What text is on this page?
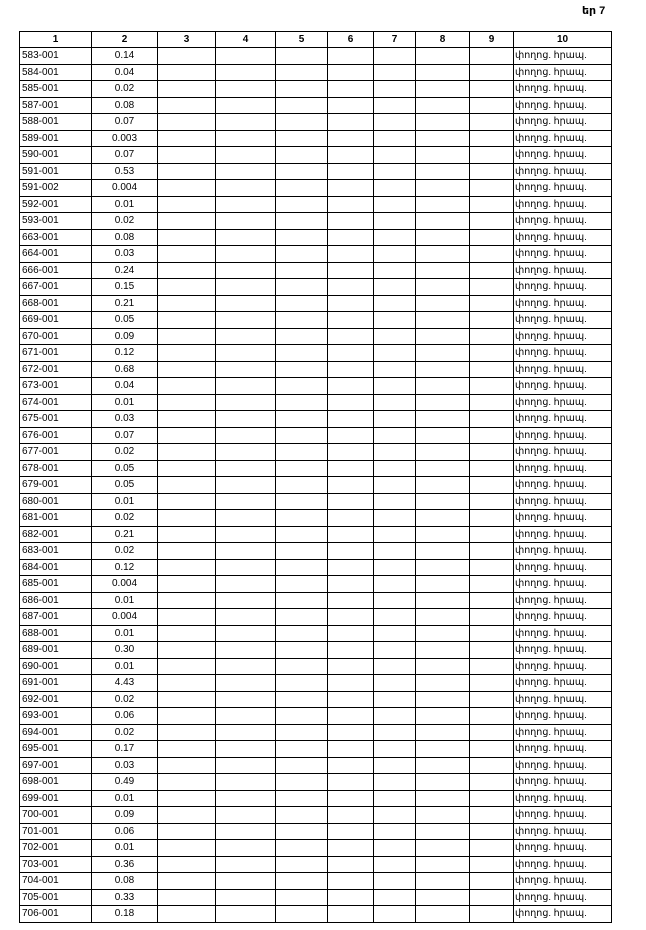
եր 7
1	2	3	4	5	6	7	8	9	10
583-001	0.14								փողոց. հրապ.
584-001	0.04								փողոց. հրապ.
585-001	0.02								փողոց. հրապ.
587-001	0.08								փողոց. հրապ.
588-001	0.07								փողոց. հրապ.
589-001	0.003								փողոց. հրապ.
590-001	0.07								փողոց. հրապ.
591-001	0.53								փողոց. հրապ.
591-002	0.004								փողոց. հրապ.
592-001	0.01								փողոց. հրապ.
593-001	0.02								փողոց. հրապ.
663-001	0.08								փողոց. հրապ.
664-001	0.03								փողոց. հրապ.
666-001	0.24								փողոց. հրապ.
667-001	0.15								փողոց. հրապ.
668-001	0.21								փողոց. հրապ.
669-001	0.05								փողոց. հրապ.
670-001	0.09								փողոց. հրապ.
671-001	0.12								փողոց. հրապ.
672-001	0.68								փողոց. հրապ.
673-001	0.04								փողոց. հրապ.
674-001	0.01								փողոց. հրապ.
675-001	0.03								փողոց. հրապ.
676-001	0.07								փողոց. հրապ.
677-001	0.02								փողոց. հրապ.
678-001	0.05								փողոց. հրապ.
679-001	0.05								փողոց. հրապ.
680-001	0.01								փողոց. հրապ.
681-001	0.02								փողոց. հրապ.
682-001	0.21								փողոց. հրապ.
683-001	0.02								փողոց. հրապ.
684-001	0.12								փողոց. հրապ.
685-001	0.004								փողոց. հրապ.
686-001	0.01								փողոց. հրապ.
687-001	0.004								փողոց. հրապ.
688-001	0.01								փողոց. հրապ.
689-001	0.30								փողոց. հրապ.
690-001	0.01								փողոց. հրապ.
691-001	4.43								փողոց. հրապ.
692-001	0.02								փողոց. հրապ.
693-001	0.06								փողոց. հրապ.
694-001	0.02								փողոց. հրապ.
695-001	0.17								փողոց. հրապ.
697-001	0.03								փողոց. հրապ.
698-001	0.49								փողոց. հրապ.
699-001	0.01								փողոց. հրապ.
700-001	0.09								փողոց. հրապ.
701-001	0.06								փողոց. հրապ.
702-001	0.01								փողոց. հրապ.
703-001	0.36								փողոց. հրապ.
704-001	0.08								փողոց. հրապ.
705-001	0.33								փողոց. հրապ.
706-001	0.18								փողոց. հրապ.
